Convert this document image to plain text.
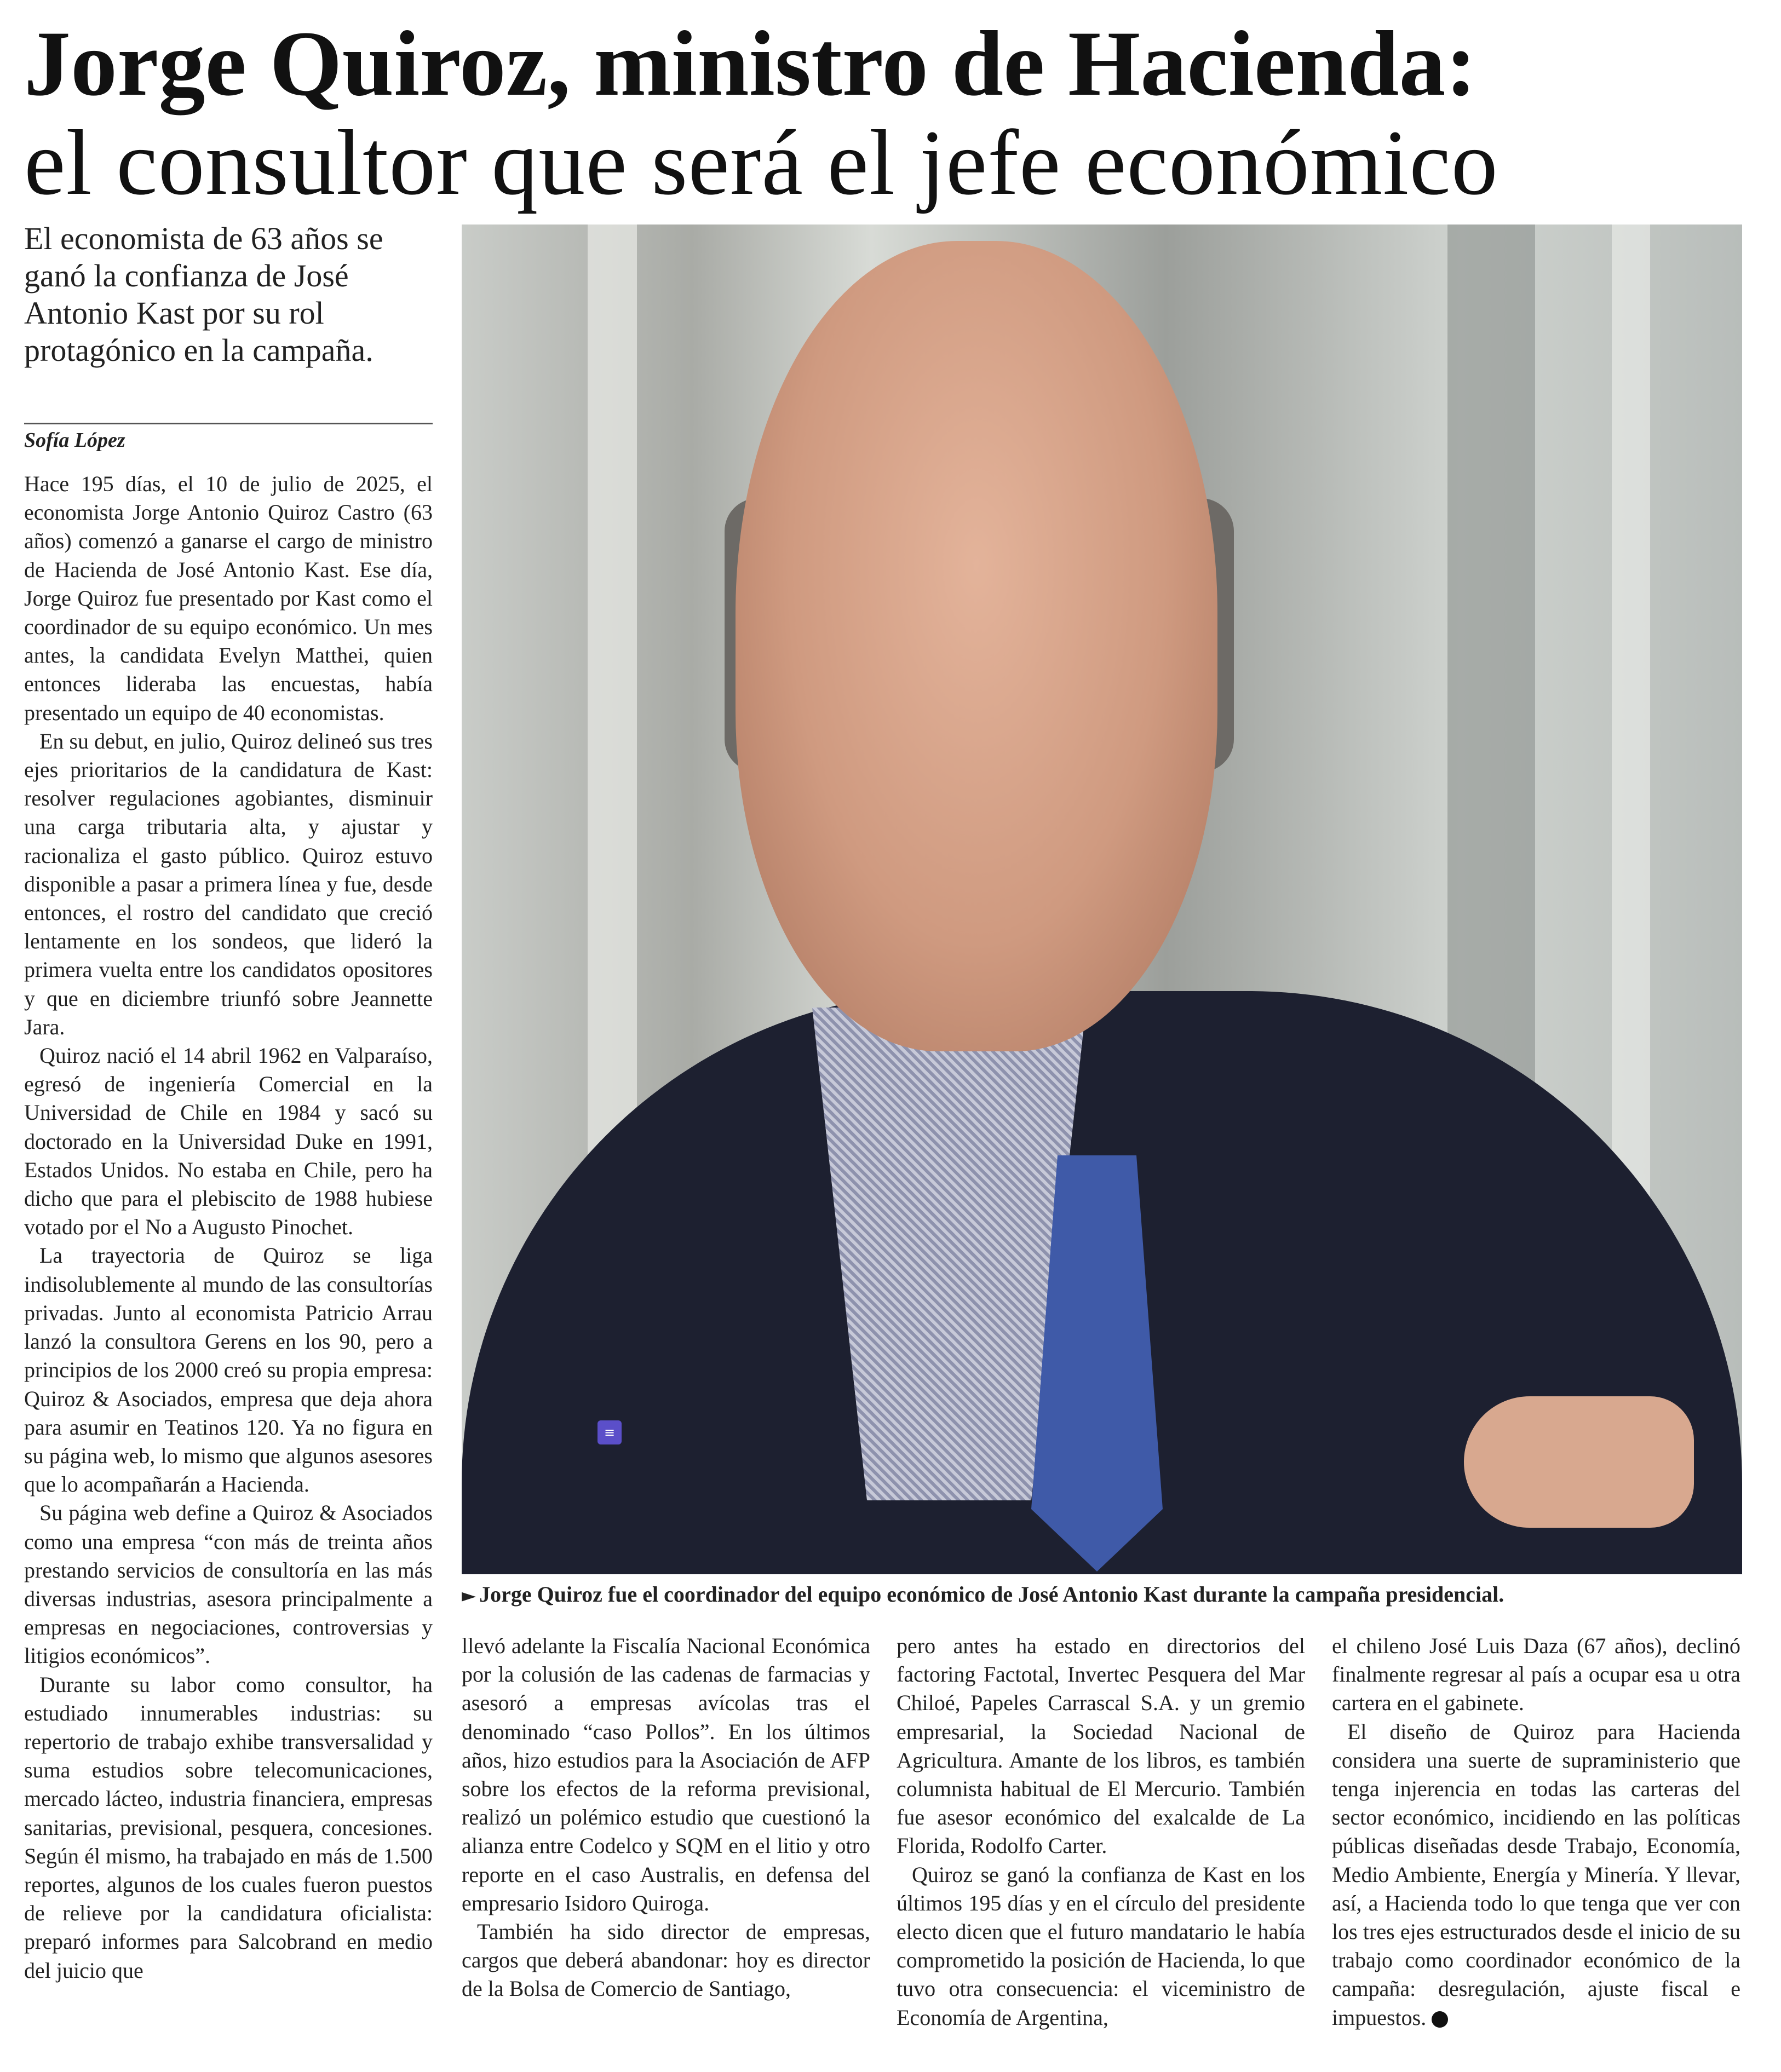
Jorge Quiroz, ministro de Hacienda:
el consultor que será el jefe económico
El economista de 63 años se ganó la confianza de José Antonio Kast por su rol protagónico en la campaña.
Sofía López

Hace 195 días, el 10 de julio de 2025, el economista Jorge Antonio Quiroz Castro (63 años) comenzó a ganarse el cargo de ministro de Hacienda de José Antonio Kast. Ese día, Jorge Quiroz fue presentado por Kast como el coordinador de su equipo económico. Un mes antes, la candidata Evelyn Matthei, quien entonces lideraba las encuestas, había presentado un equipo de 40 economistas.

En su debut, en julio, Quiroz delineó sus tres ejes prioritarios de la candidatura de Kast: resolver regulaciones agobiantes, disminuir una carga tributaria alta, y ajustar y racionaliza el gasto público. Quiroz estuvo disponible a pasar a primera línea y fue, desde entonces, el rostro del candidato que creció lentamente en los sondeos, que lideró la primera vuelta entre los candidatos opositores y que en diciembre triunfó sobre Jeannette Jara.

Quiroz nació el 14 abril 1962 en Valparaíso, egresó de ingeniería Comercial en la Universidad de Chile en 1984 y sacó su doctorado en la Universidad Duke en 1991, Estados Unidos. No estaba en Chile, pero ha dicho que para el plebiscito de 1988 hubiese votado por el No a Augusto Pinochet.

La trayectoria de Quiroz se liga indisolublemente al mundo de las consultorías privadas. Junto al economista Patricio Arrau lanzó la consultora Gerens en los 90, pero a principios de los 2000 creó su propia empresa: Quiroz & Asociados, empresa que deja ahora para asumir en Teatinos 120. Ya no figura en su página web, lo mismo que algunos asesores que lo acompañarán a Hacienda.

Su página web define a Quiroz & Asociados como una empresa “con más de treinta años prestando servicios de consultoría en las más diversas industrias, asesora principalmente a empresas en negociaciones, controversias y litigios económicos”.

Durante su labor como consultor, ha estudiado innumerables industrias: su repertorio de trabajo exhibe transversalidad y suma estudios sobre telecomunicaciones, mercado lácteo, industria financiera, empresas sanitarias, previsional, pesquera, concesiones. Según él mismo, ha trabajado en más de 1.500 reportes, algunos de los cuales fueron puestos de relieve por la candidatura oficialista: preparó informes para Salcobrand en medio del juicio que

≡
► Jorge Quiroz fue el coordinador del equipo económico de José Antonio Kast durante la campaña presidencial.

llevó adelante la Fiscalía Nacional Económica por la colusión de las cadenas de farmacias y asesoró a empresas avícolas tras el denominado “caso Pollos”. En los últimos años, hizo estudios para la Asociación de AFP sobre los efectos de la reforma previsional, realizó un polémico estudio que cuestionó la alianza entre Codelco y SQM en el litio y otro reporte en el caso Australis, en defensa del empresario Isidoro Quiroga.

También ha sido director de empresas, cargos que deberá abandonar: hoy es director de la Bolsa de Comercio de Santiago,

pero antes ha estado en directorios del factoring Factotal, Invertec Pesquera del Mar Chiloé, Papeles Carrascal S.A. y un gremio empresarial, la Sociedad Nacional de Agricultura. Amante de los libros, es también columnista habitual de El Mercurio. También fue asesor económico del exalcalde de La Florida, Rodolfo Carter.

Quiroz se ganó la confianza de Kast en los últimos 195 días y en el círculo del presidente electo dicen que el futuro mandatario le había comprometido la posición de Hacienda, lo que tuvo otra consecuencia: el viceministro de Economía de Argentina,

el chileno José Luis Daza (67 años), declinó finalmente regresar al país a ocupar esa u otra cartera en el gabinete.

El diseño de Quiroz para Hacienda considera una suerte de supraministerio que tenga injerencia en todas las carteras del sector económico, incidiendo en las políticas públicas diseñadas desde Trabajo, Economía, Medio Ambiente, Energía y Minería. Y llevar, así, a Hacienda todo lo que tenga que ver con los tres ejes estructurados desde el inicio de su trabajo como coordinador económico de la campaña: desregulación, ajuste fiscal e impuestos.
